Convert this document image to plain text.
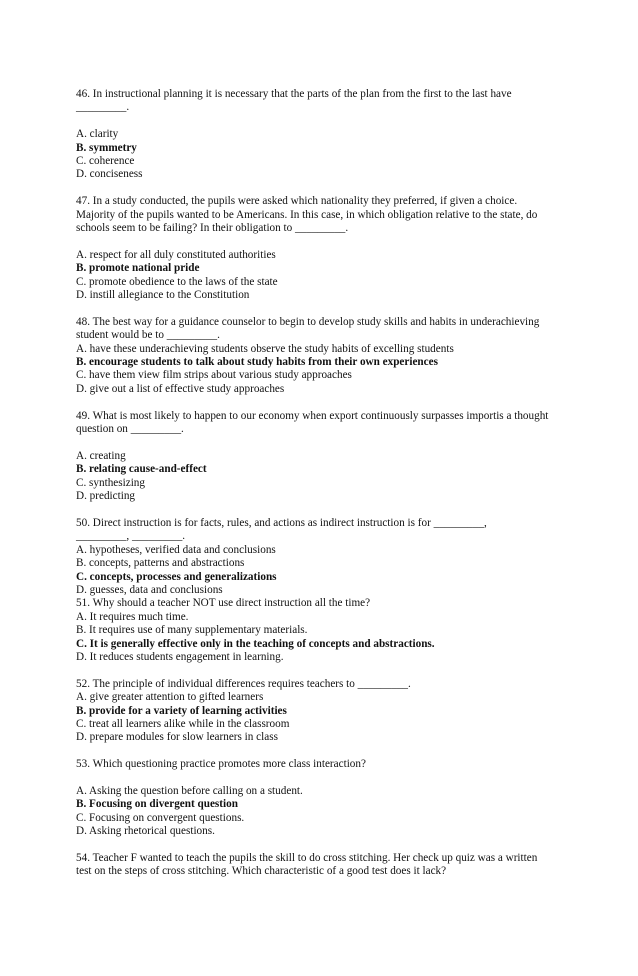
46. In instructional planning it is necessary that the parts of the plan from the first to the last have
_________.
A. clarity
B. symmetry
C. coherence
D. conciseness
47. In a study conducted, the pupils were asked which nationality they preferred, if given a choice.
Majority of the pupils wanted to be Americans. In this case, in which obligation relative to the state, do
schools seem to be failing? In their obligation to _________.
A. respect for all duly constituted authorities
B. promote national pride
C. promote obedience to the laws of the state
D. instill allegiance to the Constitution
48. The best way for a guidance counselor to begin to develop study skills and habits in underachieving
student would be to _________.
A. have these underachieving students observe the study habits of excelling students
B. encourage students to talk about study habits from their own experiences
C. have them view film strips about various study approaches
D. give out a list of effective study approaches
49. What is most likely to happen to our economy when export continuously surpasses importis a thought
question on _________.
A. creating
B. relating cause-and-effect
C. synthesizing
D. predicting
50. Direct instruction is for facts, rules, and actions as indirect instruction is for _________,
_________, _________.
A. hypotheses, verified data and conclusions
B. concepts, patterns and abstractions
C. concepts, processes and generalizations
D. guesses, data and conclusions
51. Why should a teacher NOT use direct instruction all the time?
A. It requires much time.
B. It requires use of many supplementary materials.
C. It is generally effective only in the teaching of concepts and abstractions.
D. It reduces students engagement in learning.
52. The principle of individual differences requires teachers to _________.
A. give greater attention to gifted learners
B. provide for a variety of learning activities
C. treat all learners alike while in the classroom
D. prepare modules for slow learners in class
53. Which questioning practice promotes more class interaction?
A. Asking the question before calling on a student.
B. Focusing on divergent question
C. Focusing on convergent questions.
D. Asking rhetorical questions.
54. Teacher F wanted to teach the pupils the skill to do cross stitching. Her check up quiz was a written
test on the steps of cross stitching. Which characteristic of a good test does it lack?
